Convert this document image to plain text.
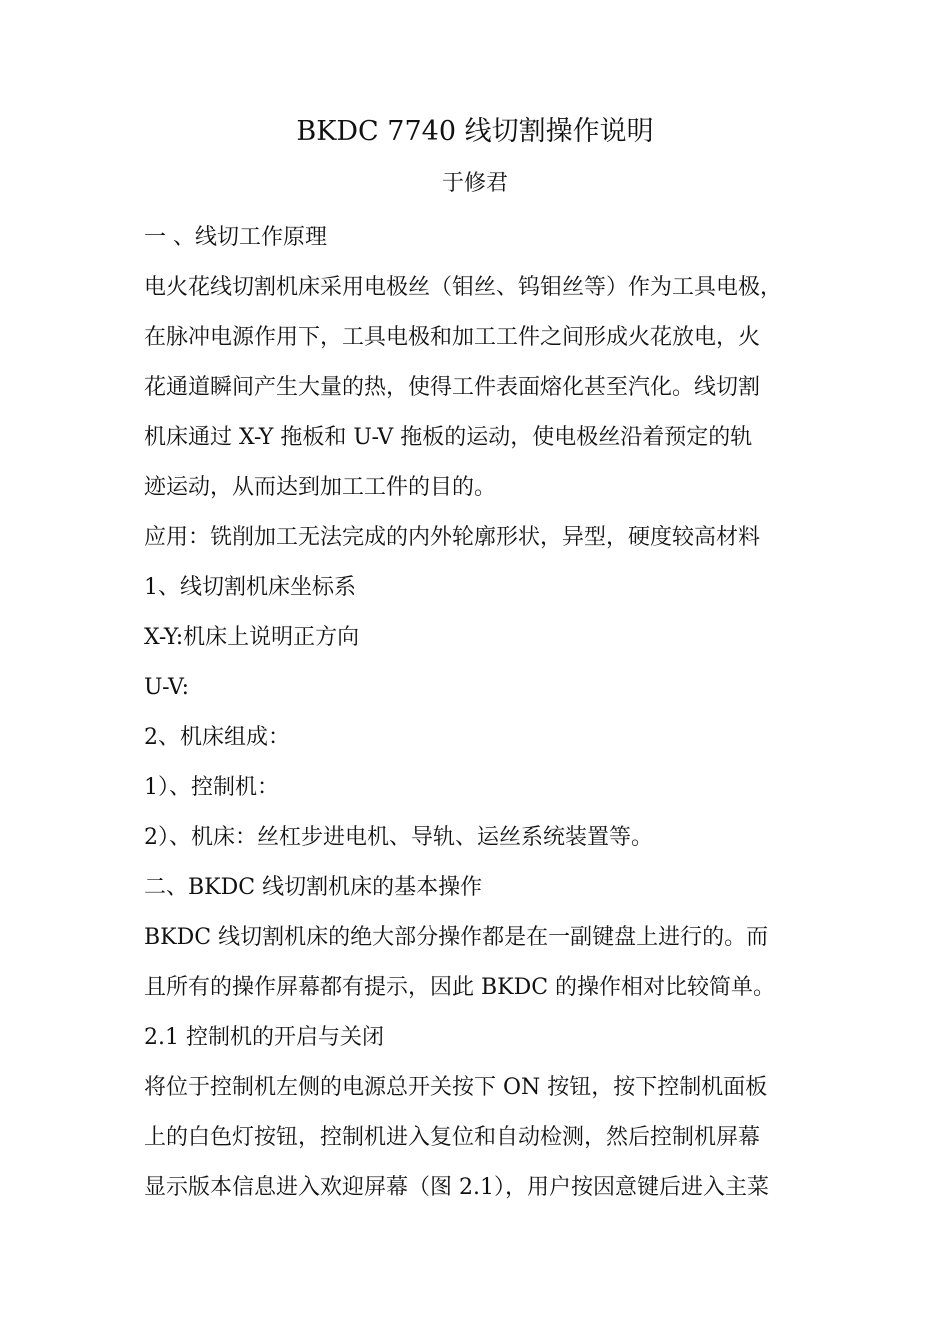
BKDC 7740 线切割操作说明
于修君
一 、线切工作原理
电火花线切割机床采用电极丝（钼丝、钨钼丝等）作为工具电极，
在脉冲电源作用下，工具电极和加工工件之间形成火花放电，火
花通道瞬间产生大量的热，使得工件表面熔化甚至汽化。线切割
机床通过 X-Y 拖板和 U-V 拖板的运动，使电极丝沿着预定的轨
迹运动，从而达到加工工件的目的。
应用：铣削加工无法完成的内外轮廓形状，异型，硬度较高材料
1、线切割机床坐标系
X-Y:机床上说明正方向
U-V:
2、机床组成：
1）、控制机：
2）、机床：丝杠步进电机、导轨、运丝系统装置等。
二、BKDC 线切割机床的基本操作
BKDC 线切割机床的绝大部分操作都是在一副键盘上进行的。而
且所有的操作屏幕都有提示，因此 BKDC 的操作相对比较简单。
2.1 控制机的开启与关闭
将位于控制机左侧的电源总开关按下 ON 按钮，按下控制机面板
上的白色灯按钮，控制机进入复位和自动检测，然后控制机屏幕
显示版本信息进入欢迎屏幕（图 2.1），用户按因意键后进入主菜
